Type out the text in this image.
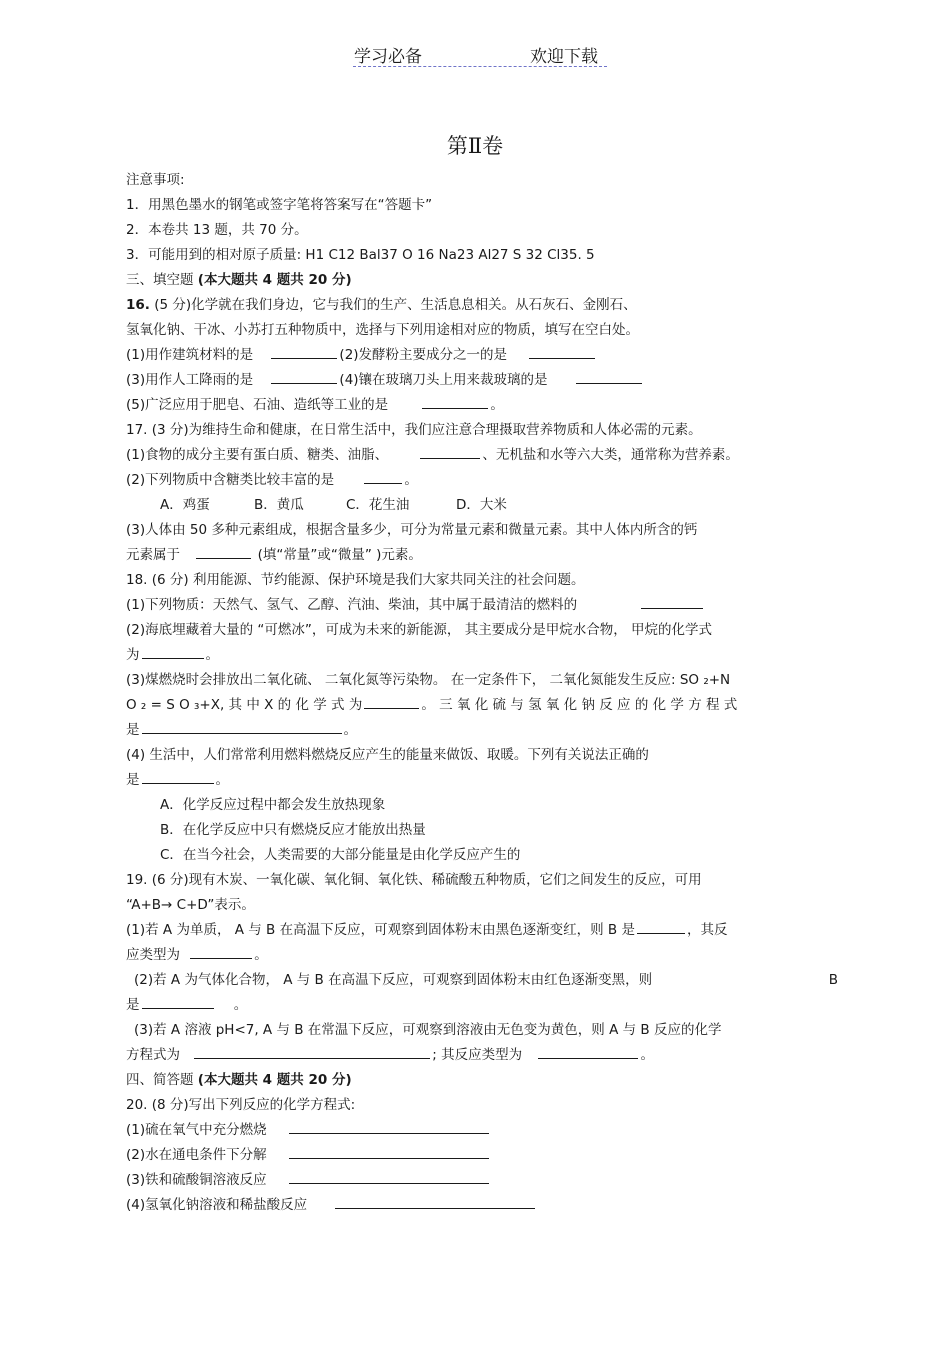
学习必备	欢迎下载
第Ⅱ卷
注意事项:
1．用黑色墨水的钢笔或签字笔将答案写在“答题卡”
2．本卷共 13 题，共 70 分。
3．可能用到的相对原子质量: H1 C12 Bal37 O 16 Na23 Al27 S 32 Cl35. 5
三、填空题 (本大题共 4 题共 20 分)
16. (5 分)化学就在我们身边，它与我们的生产、生活息息相关。从石灰石、金刚石、
氢氧化钠、干冰、小苏打五种物质中，选择与下列用途相对应的物质，填写在空白处。
(1)用作建筑材料的是	(2)发酵粉主要成分之一的是
(3)用作人工降雨的是	(4)镶在玻璃刀头上用来裁玻璃的是
(5)广泛应用于肥皂、石油、造纸等工业的是	。
17. (3 分)为维持生命和健康，在日常生活中，我们应注意合理摄取营养物质和人体必需的元素。
(1)食物的成分主要有蛋白质、糖类、油脂、	、无机盐和水等六大类，通常称为营养素。
(2)下列物质中含糖类比较丰富的是	。
A．鸡蛋	B．黄瓜	C．花生油	D．大米
(3)人体由 50 多种元素组成，根据含量多少，可分为常量元素和微量元素。其中人体内所含的钙
元素属于	(填“常量”或“微量” )元素。
18. (6 分) 利用能源、节约能源、保护环境是我们大家共同关注的社会问题。
(1)下列物质：天然气、氢气、乙醇、汽油、柴油，其中属于最清洁的燃料的
(2)海底埋藏着大量的 “可燃冰”，可成为未来的新能源， 其主要成分是甲烷水合物， 甲烷的化学式
为	。
(3)煤燃烧时会排放出二氧化硫、 二氧化氮等污染物。 在一定条件下， 二氧化氮能发生反应: SO ₂+N
O ₂ = S O ₃+X, 其 中 X 的 化 学 式 为	。 三 氧 化 硫 与 氢 氧 化 钠 反 应 的 化 学 方 程 式
是	。
(4) 生活中，人们常常利用燃料燃烧反应产生的能量来做饭、取暖。下列有关说法正确的
是	。
A．化学反应过程中都会发生放热现象
B．在化学反应中只有燃烧反应才能放出热量
C．在当今社会，人类需要的大部分能量是由化学反应产生的
19. (6 分)现有木炭、一氧化碳、氧化铜、氧化铁、稀硫酸五种物质，它们之间发生的反应，可用
“A+B→ C+D”表示。
(1)若 A 为单质， A 与 B 在高温下反应，可观察到固体粉末由黑色逐渐变红，则 B 是	，其反
应类型为	。
(2)若 A 为气体化合物， A 与 B 在高温下反应，可观察到固体粉末由红色逐渐变黑，则	B
是	。
(3)若 A 溶液 pH<7, A 与 B 在常温下反应，可观察到溶液由无色变为黄色，则 A 与 B 反应的化学
方程式为	; 其反应类型为	。
四、简答题 (本大题共 4 题共 20 分)
20. (8 分)写出下列反应的化学方程式:
(1)硫在氧气中充分燃烧
(2)水在通电条件下分解
(3)铁和硫酸铜溶液反应
(4)氢氧化钠溶液和稀盐酸反应
